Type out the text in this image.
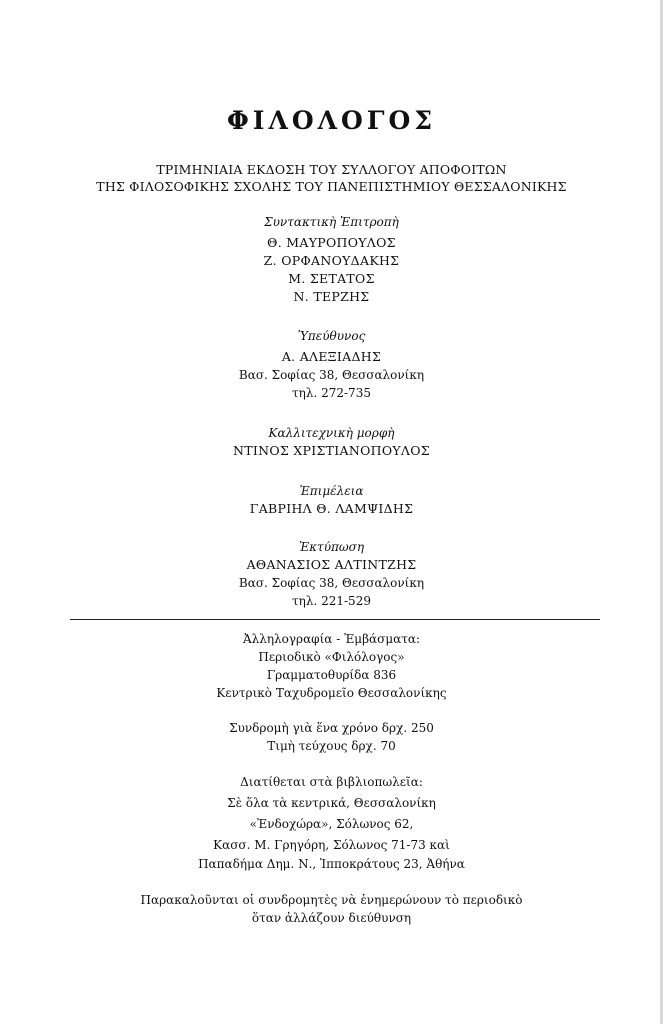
ΦΙΛΟΛΟΓΟΣ
ΤΡΙΜΗΝΙΑΙΑ ΕΚΔΟΣΗ ΤΟΥ ΣΥΛΛΟΓΟΥ ΑΠΟΦΟΙΤΩΝ
ΤΗΣ ΦΙΛΟΣΟΦΙΚΗΣ ΣΧΟΛΗΣ ΤΟΥ ΠΑΝΕΠΙΣΤΗΜΙΟΥ ΘΕΣΣΑΛΟΝΙΚΗΣ
Συντακτικὴ Ἐπιτροπὴ
Θ. ΜΑΥΡΟΠΟΥΛΟΣ
Ζ. ΟΡΦΑΝΟΥΔΑΚΗΣ
Μ. ΣΕΤΑΤΟΣ
Ν. ΤΕΡΖΗΣ
Ὑπεύθυνος
Α. ΑΛΕΞΙΑΔΗΣ
Βασ. Σοφίας 38, Θεσσαλονίκη
τηλ. 272-735
Καλλιτεχνικὴ μορφὴ
ΝΤΙΝΟΣ ΧΡΙΣΤΙΑΝΟΠΟΥΛΟΣ
Ἐπιμέλεια
ΓΑΒΡΙΗΛ Θ. ΛΑΜΨΙΔΗΣ
Ἐκτύπωση
ΑΘΑΝΑΣΙΟΣ ΑΛΤΙΝΤΖΗΣ
Βασ. Σοφίας 38, Θεσσαλονίκη
τηλ. 221-529
Ἀλληλογραφία - Ἐμβάσματα:
Περιοδικὸ «Φιλόλογος»
Γραμματοθυρίδα 836
Κεντρικὸ Ταχυδρομεῖο Θεσσαλονίκης
Συνδρομὴ γιὰ ἕνα χρόνο δρχ. 250
Τιμὴ τεύχους δρχ. 70
Διατίθεται στὰ βιβλιοπωλεῖα:
Σὲ ὅλα τὰ κεντρικά, Θεσσαλονίκη
«Ἐνδοχώρα», Σόλωνος 62,
Κασσ. Μ. Γρηγόρη, Σόλωνος 71-73 καὶ
Παπαδήμα Δημ. Ν., Ἱπποκράτους 23, Ἀθήνα
Παρακαλοῦνται οἱ συνδρομητὲς νὰ ἐνημερώνουν τὸ περιοδικὸ
ὅταν ἀλλάζουν διεύθυνση
